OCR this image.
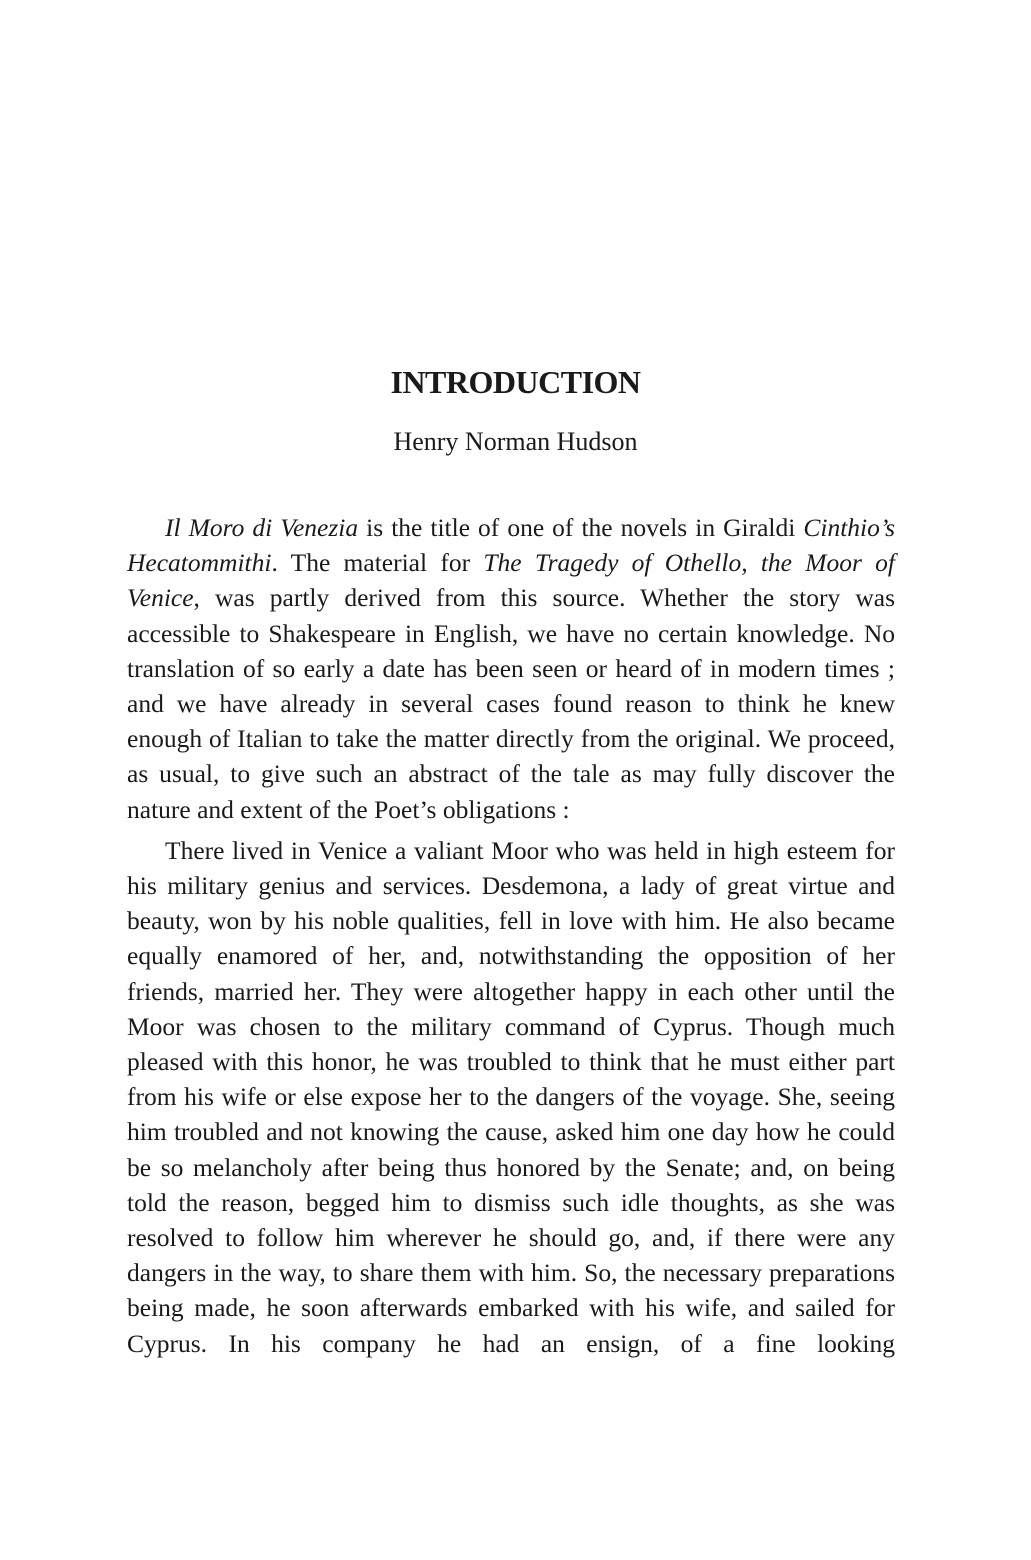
INTRODUCTION
Henry Norman Hudson

Il Moro di Venezia is the title of one of the novels in Giraldi Cinthio’s Hecatommithi. The material for The Tragedy of Othello, the Moor of Venice, was partly derived from this source. Whether the story was accessible to Shakespeare in English, we have no certain knowledge. No translation of so early a date has been seen or heard of in modern times ; and we have already in several cases found reason to think he knew enough of Italian to take the matter directly from the original. We proceed, as usual, to give such an abstract of the tale as may fully discover the nature and extent of the Poet’s obligations :

There lived in Venice a valiant Moor who was held in high esteem for his military genius and services. Desdemona, a lady of great virtue and beauty, won by his noble qualities, fell in love with him. He also became equally enamored of her, and, notwithstanding the opposition of her friends, married her. They were altogether happy in each other until the Moor was chosen to the military command of Cyprus. Though much pleased with this honor, he was troubled to think that he must either part from his wife or else expose her to the dangers of the voyage. She, seeing him troubled and not knowing the cause, asked him one day how he could be so melancholy after being thus honored by the Senate; and, on being told the reason, begged him to dismiss such idle thoughts, as she was resolved to follow him wherever he should go, and, if there were any dangers in the way, to share them with him. So, the necessary preparations being made, he soon afterwards embarked with his wife, and sailed for Cyprus. In his company he had an ensign, of a fine looking
